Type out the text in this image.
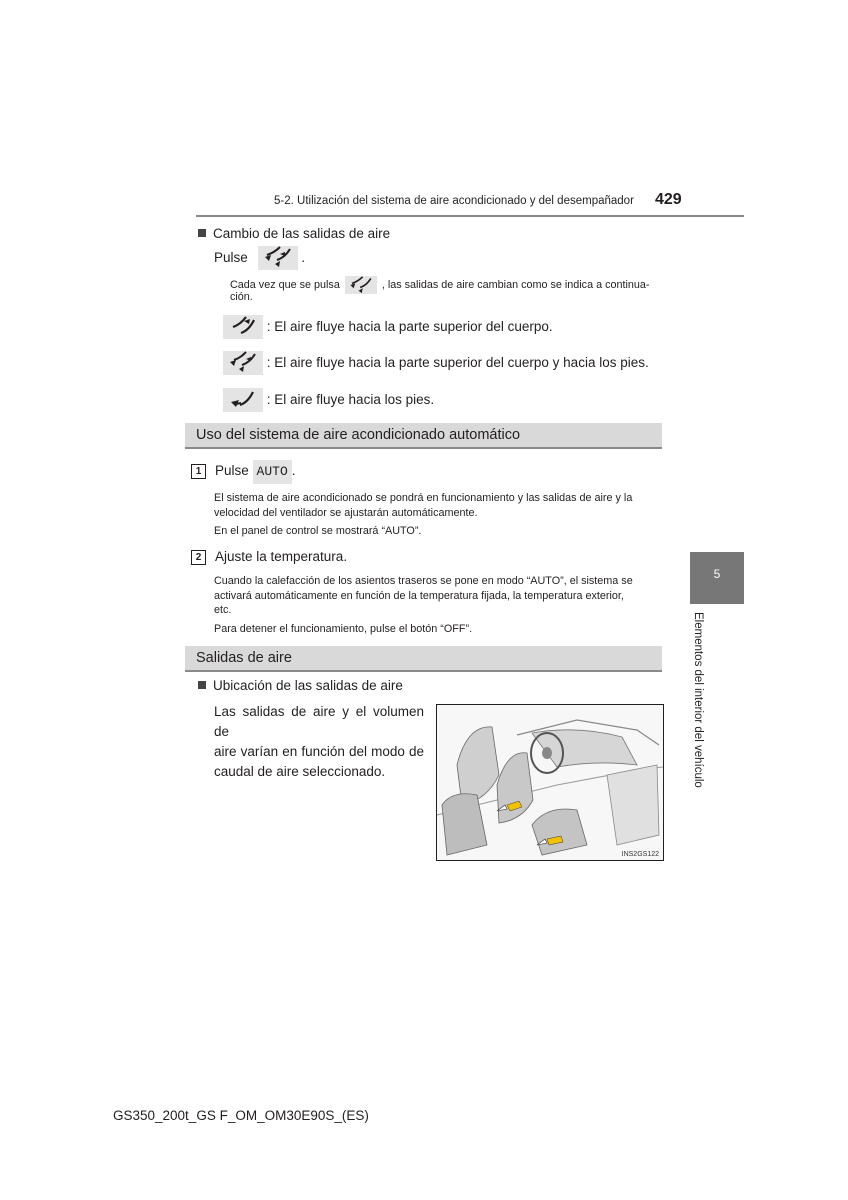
5-2. Utilización del sistema de aire acondicionado y del desempañador 429
Cambio de las salidas de aire
Pulse	.
Cada vez que se pulsa	, las salidas de aire cambian como se indica a continua-
ción.
: El aire fluye hacia la parte superior del cuerpo.
: El aire fluye hacia la parte superior del cuerpo y hacia los pies.
: El aire fluye hacia los pies.
Uso del sistema de aire acondicionado automático
1 Pulse AUTO .
El sistema de aire acondicionado se pondrá en funcionamiento y las salidas de aire y la
velocidad del ventilador se ajustarán automáticamente.
En el panel de control se mostrará “AUTO”.
2 Ajuste la temperatura.
Cuando la calefacción de los asientos traseros se pone en modo “AUTO”, el sistema se
activará automáticamente en función de la temperatura fijada, la temperatura exterior,
etc.
Para detener el funcionamiento, pulse el botón “OFF”.
Salidas de aire
Ubicación de las salidas de aire
Las salidas de aire y el volumen de
aire varían en función del modo de
caudal de aire seleccionado.
INS2GS122
5
Elementos del interior del vehículo
GS350_200t_GS F_OM_OM30E90S_(ES)
